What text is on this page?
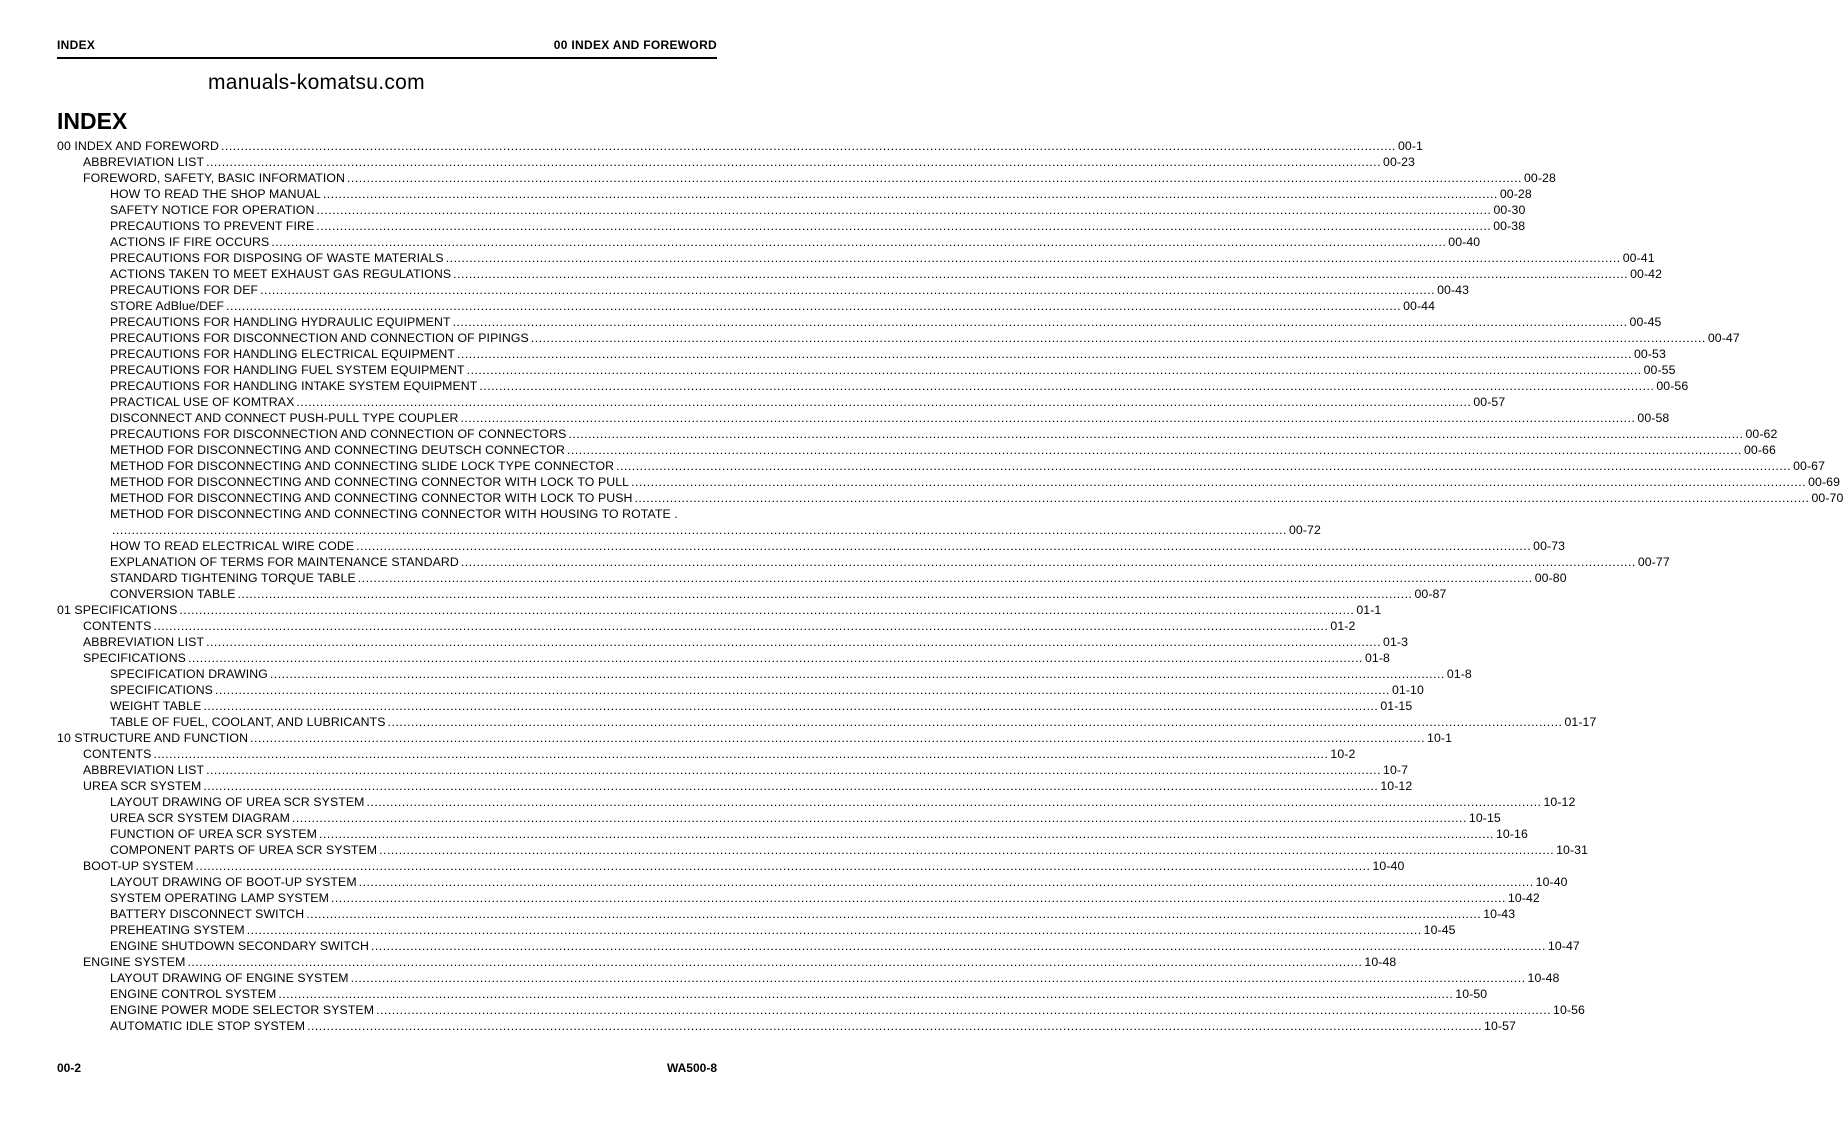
INDEX	00 INDEX AND FOREWORD
manuals-komatsu.com
INDEX
00 INDEX AND FOREWORD ............................................................................................................................................................................................................................................................................................................ 00-1
ABBREVIATION LIST ............................................................................................................................................................................................................................................................................................................ 00-23
FOREWORD, SAFETY, BASIC INFORMATION ............................................................................................................................................................................................................................................................................................................ 00-28
HOW TO READ THE SHOP MANUAL ............................................................................................................................................................................................................................................................................................................ 00-28
SAFETY NOTICE FOR OPERATION ............................................................................................................................................................................................................................................................................................................ 00-30
PRECAUTIONS TO PREVENT FIRE ............................................................................................................................................................................................................................................................................................................ 00-38
ACTIONS IF FIRE OCCURS ............................................................................................................................................................................................................................................................................................................ 00-40
PRECAUTIONS FOR DISPOSING OF WASTE MATERIALS ............................................................................................................................................................................................................................................................................................................ 00-41
ACTIONS TAKEN TO MEET EXHAUST GAS REGULATIONS ............................................................................................................................................................................................................................................................................................................ 00-42
PRECAUTIONS FOR DEF ............................................................................................................................................................................................................................................................................................................ 00-43
STORE AdBlue/DEF ............................................................................................................................................................................................................................................................................................................ 00-44
PRECAUTIONS FOR HANDLING HYDRAULIC EQUIPMENT ............................................................................................................................................................................................................................................................................................................ 00-45
PRECAUTIONS FOR DISCONNECTION AND CONNECTION OF PIPINGS ............................................................................................................................................................................................................................................................................................................ 00-47
PRECAUTIONS FOR HANDLING ELECTRICAL EQUIPMENT ............................................................................................................................................................................................................................................................................................................ 00-53
PRECAUTIONS FOR HANDLING FUEL SYSTEM EQUIPMENT ............................................................................................................................................................................................................................................................................................................ 00-55
PRECAUTIONS FOR HANDLING INTAKE SYSTEM EQUIPMENT ............................................................................................................................................................................................................................................................................................................ 00-56
PRACTICAL USE OF KOMTRAX ............................................................................................................................................................................................................................................................................................................ 00-57
DISCONNECT AND CONNECT PUSH-PULL TYPE COUPLER ............................................................................................................................................................................................................................................................................................................ 00-58
PRECAUTIONS FOR DISCONNECTION AND CONNECTION OF CONNECTORS ............................................................................................................................................................................................................................................................................................................ 00-62
METHOD FOR DISCONNECTING AND CONNECTING DEUTSCH CONNECTOR ............................................................................................................................................................................................................................................................................................................ 00-66
METHOD FOR DISCONNECTING AND CONNECTING SLIDE LOCK TYPE CONNECTOR ............................................................................................................................................................................................................................................................................................................ 00-67
METHOD FOR DISCONNECTING AND CONNECTING CONNECTOR WITH LOCK TO PULL ............................................................................................................................................................................................................................................................................................................ 00-69
METHOD FOR DISCONNECTING AND CONNECTING CONNECTOR WITH LOCK TO PUSH ............................................................................................................................................................................................................................................................................................................ 00-70
METHOD FOR DISCONNECTING AND CONNECTING CONNECTOR WITH HOUSING TO ROTATE .
............................................................................................................................................................................................................................................................................................................ 00-72
HOW TO READ ELECTRICAL WIRE CODE ............................................................................................................................................................................................................................................................................................................ 00-73
EXPLANATION OF TERMS FOR MAINTENANCE STANDARD ............................................................................................................................................................................................................................................................................................................ 00-77
STANDARD TIGHTENING TORQUE TABLE ............................................................................................................................................................................................................................................................................................................ 00-80
CONVERSION TABLE ............................................................................................................................................................................................................................................................................................................ 00-87
01 SPECIFICATIONS ............................................................................................................................................................................................................................................................................................................ 01-1
CONTENTS ............................................................................................................................................................................................................................................................................................................ 01-2
ABBREVIATION LIST ............................................................................................................................................................................................................................................................................................................ 01-3
SPECIFICATIONS ............................................................................................................................................................................................................................................................................................................ 01-8
SPECIFICATION DRAWING ............................................................................................................................................................................................................................................................................................................ 01-8
SPECIFICATIONS ............................................................................................................................................................................................................................................................................................................ 01-10
WEIGHT TABLE ............................................................................................................................................................................................................................................................................................................ 01-15
TABLE OF FUEL, COOLANT, AND LUBRICANTS ............................................................................................................................................................................................................................................................................................................ 01-17
10 STRUCTURE AND FUNCTION ............................................................................................................................................................................................................................................................................................................ 10-1
CONTENTS ............................................................................................................................................................................................................................................................................................................ 10-2
ABBREVIATION LIST ............................................................................................................................................................................................................................................................................................................ 10-7
UREA SCR SYSTEM ............................................................................................................................................................................................................................................................................................................ 10-12
LAYOUT DRAWING OF UREA SCR SYSTEM ............................................................................................................................................................................................................................................................................................................ 10-12
UREA SCR SYSTEM DIAGRAM ............................................................................................................................................................................................................................................................................................................ 10-15
FUNCTION OF UREA SCR SYSTEM ............................................................................................................................................................................................................................................................................................................ 10-16
COMPONENT PARTS OF UREA SCR SYSTEM ............................................................................................................................................................................................................................................................................................................ 10-31
BOOT-UP SYSTEM ............................................................................................................................................................................................................................................................................................................ 10-40
LAYOUT DRAWING OF BOOT-UP SYSTEM ............................................................................................................................................................................................................................................................................................................ 10-40
SYSTEM OPERATING LAMP SYSTEM ............................................................................................................................................................................................................................................................................................................ 10-42
BATTERY DISCONNECT SWITCH ............................................................................................................................................................................................................................................................................................................ 10-43
PREHEATING SYSTEM ............................................................................................................................................................................................................................................................................................................ 10-45
ENGINE SHUTDOWN SECONDARY SWITCH ............................................................................................................................................................................................................................................................................................................ 10-47
ENGINE SYSTEM ............................................................................................................................................................................................................................................................................................................ 10-48
LAYOUT DRAWING OF ENGINE SYSTEM ............................................................................................................................................................................................................................................................................................................ 10-48
ENGINE CONTROL SYSTEM ............................................................................................................................................................................................................................................................................................................ 10-50
ENGINE POWER MODE SELECTOR SYSTEM ............................................................................................................................................................................................................................................................................................................ 10-56
AUTOMATIC IDLE STOP SYSTEM ............................................................................................................................................................................................................................................................................................................ 10-57
00-2	WA500-8
